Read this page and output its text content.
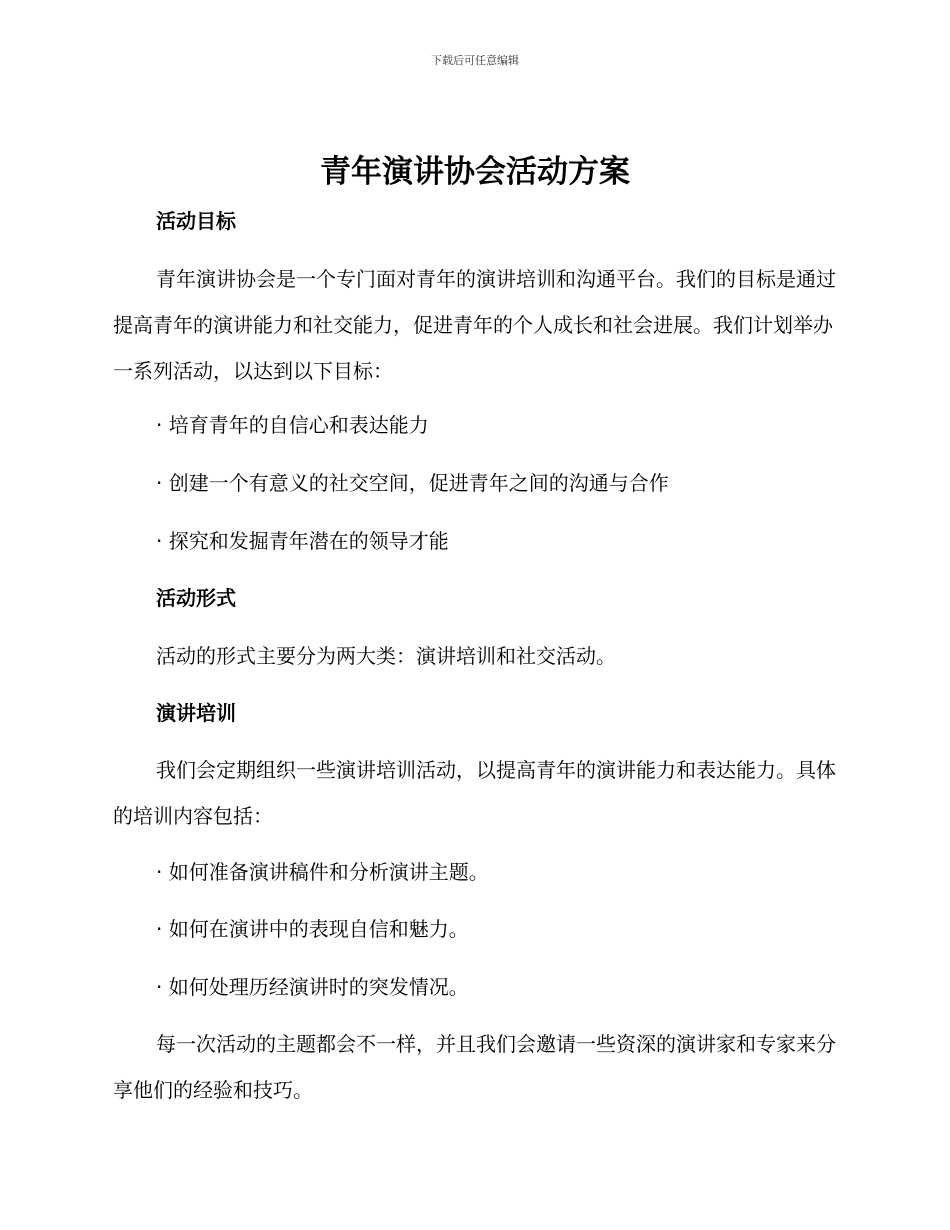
下载后可任意编辑
青年演讲协会活动方案

活动目标

青年演讲协会是一个专门面对青年的演讲培训和沟通平台。我们的目标是通过提高青年的演讲能力和社交能力，促进青年的个人成长和社会进展。我们计划举办一系列活动，以达到以下目标：

· 培育青年的自信心和表达能力

· 创建一个有意义的社交空间，促进青年之间的沟通与合作

· 探究和发掘青年潜在的领导才能

活动形式

活动的形式主要分为两大类：演讲培训和社交活动。

演讲培训

我们会定期组织一些演讲培训活动，以提高青年的演讲能力和表达能力。具体的培训内容包括：

· 如何准备演讲稿件和分析演讲主题。

· 如何在演讲中的表现自信和魅力。

· 如何处理历经演讲时的突发情况。

每一次活动的主题都会不一样，并且我们会邀请一些资深的演讲家和专家来分享他们的经验和技巧。
